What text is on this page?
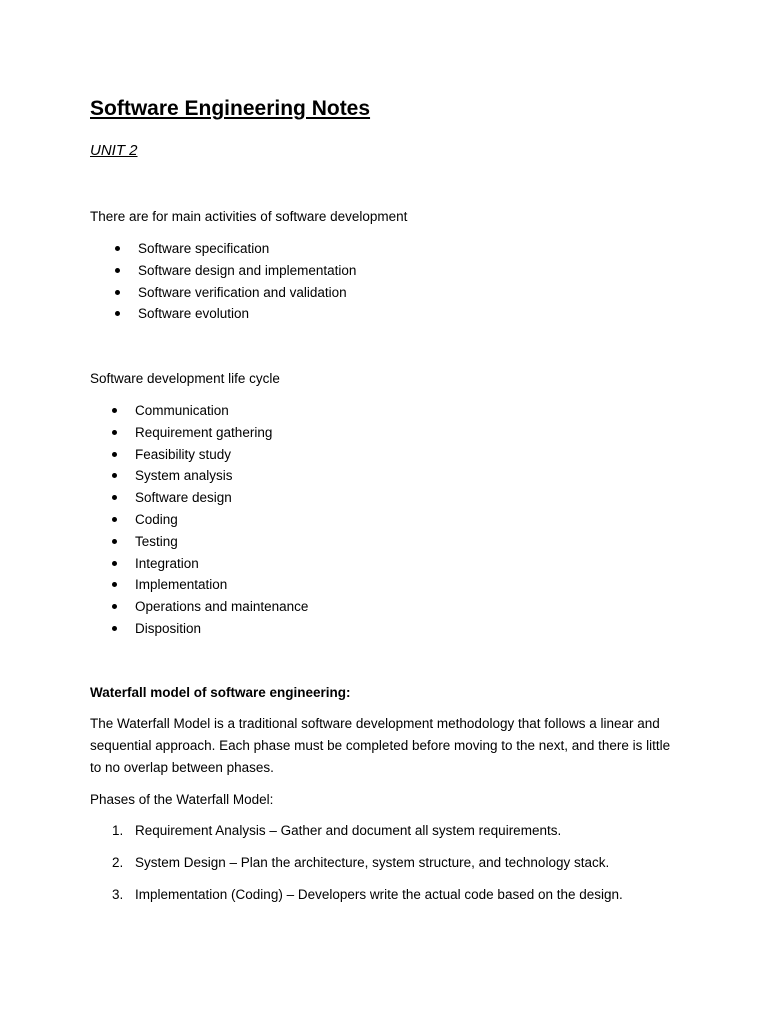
Software Engineering Notes
UNIT 2

There are for main activities of software development

Software specification
Software design and implementation
Software verification and validation
Software evolution

Software development life cycle

Communication
Requirement gathering
Feasibility study
System analysis
Software design
Coding
Testing
Integration
Implementation
Operations and maintenance
Disposition
Waterfall model of software engineering:

The Waterfall Model is a traditional software development methodology that follows a linear and sequential approach. Each phase must be completed before moving to the next, and there is little to no overlap between phases.

Phases of the Waterfall Model:

1. Requirement Analysis – Gather and document all system requirements.
2. System Design – Plan the architecture, system structure, and technology stack.
3. Implementation (Coding) – Developers write the actual code based on the design.
